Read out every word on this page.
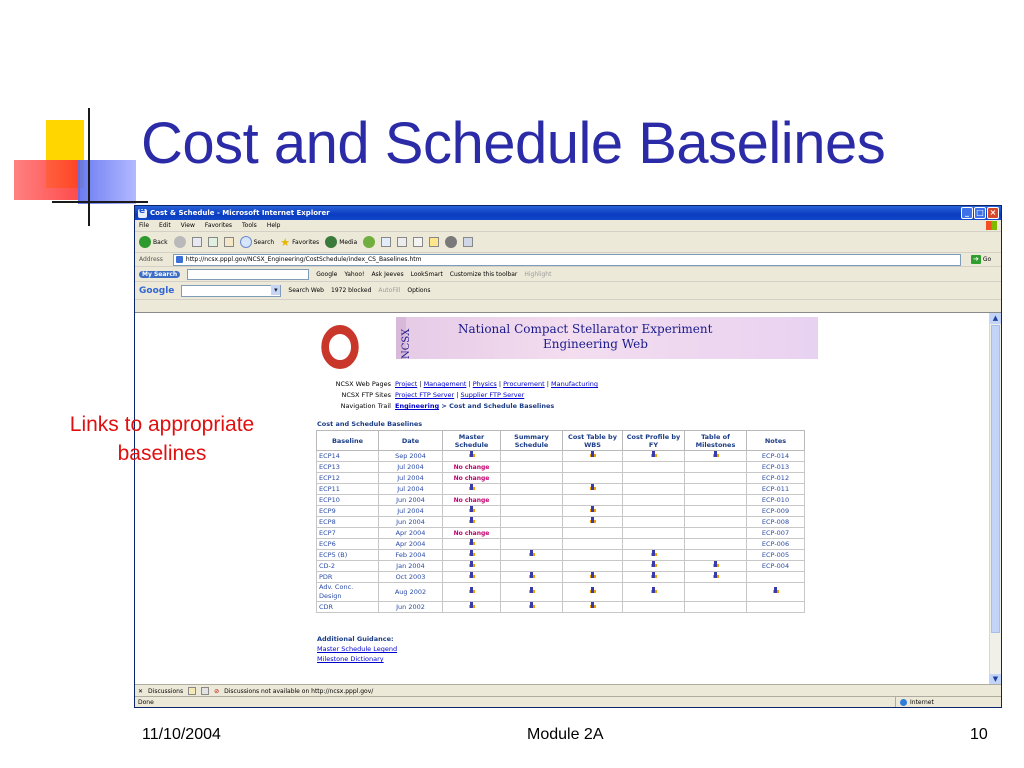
Cost and Schedule Baselines
e
Cost & Schedule - Microsoft Internet Explorer	_ □ ×
File Edit View Favorites Tools Help
Back	Search ★ Favorites	Media
Address	http://ncsx.pppl.gov/NCSX_Engineering/CostSchedule/index_CS_Baselines.htm	➔ Go
My Search	Google Yahoo! Ask Jeeves LookSmart Customize this toolbar Highlight
Google ▾	Search Web 1972 blocked AutoFill Options
NCSX	National Compact Stellarator Experiment
Engineering Web
NCSX Web Pages Project | Management | Physics | Procurement | Manufacturing
NCSX FTP Sites Project FTP Server | Supplier FTP Server
Navigation Trail Engineering > Cost and Schedule Baselines
Cost and Schedule Baselines
Baseline	Date	Master Schedule	Summary Schedule	Cost Table by WBS	Cost Profile by FY	Table of Milestones	Notes
ECP14	Sep 2004						ECP-014
ECP13	Jul 2004	No change					ECP-013
ECP12	Jul 2004	No change					ECP-012
ECP11	Jul 2004						ECP-011
ECP10	Jun 2004	No change					ECP-010
ECP9	Jul 2004						ECP-009
ECP8	Jun 2004						ECP-008
ECP7	Apr 2004	No change					ECP-007
ECP6	Apr 2004						ECP-006
ECP5 (B)	Feb 2004						ECP-005
CD-2	Jan 2004						ECP-004
PDR	Oct 2003						
Adv. Conc. Design	Aug 2002						
CDR	Jun 2002						
Additional Guidance:
Master Schedule Legend
Milestone Dictionary
▲
▼
✕ Discussions	⊘ Discussions not available on http://ncsx.pppl.gov/
Done	Internet
Links to appropriate baselines
11/10/2004	Module 2A	10
